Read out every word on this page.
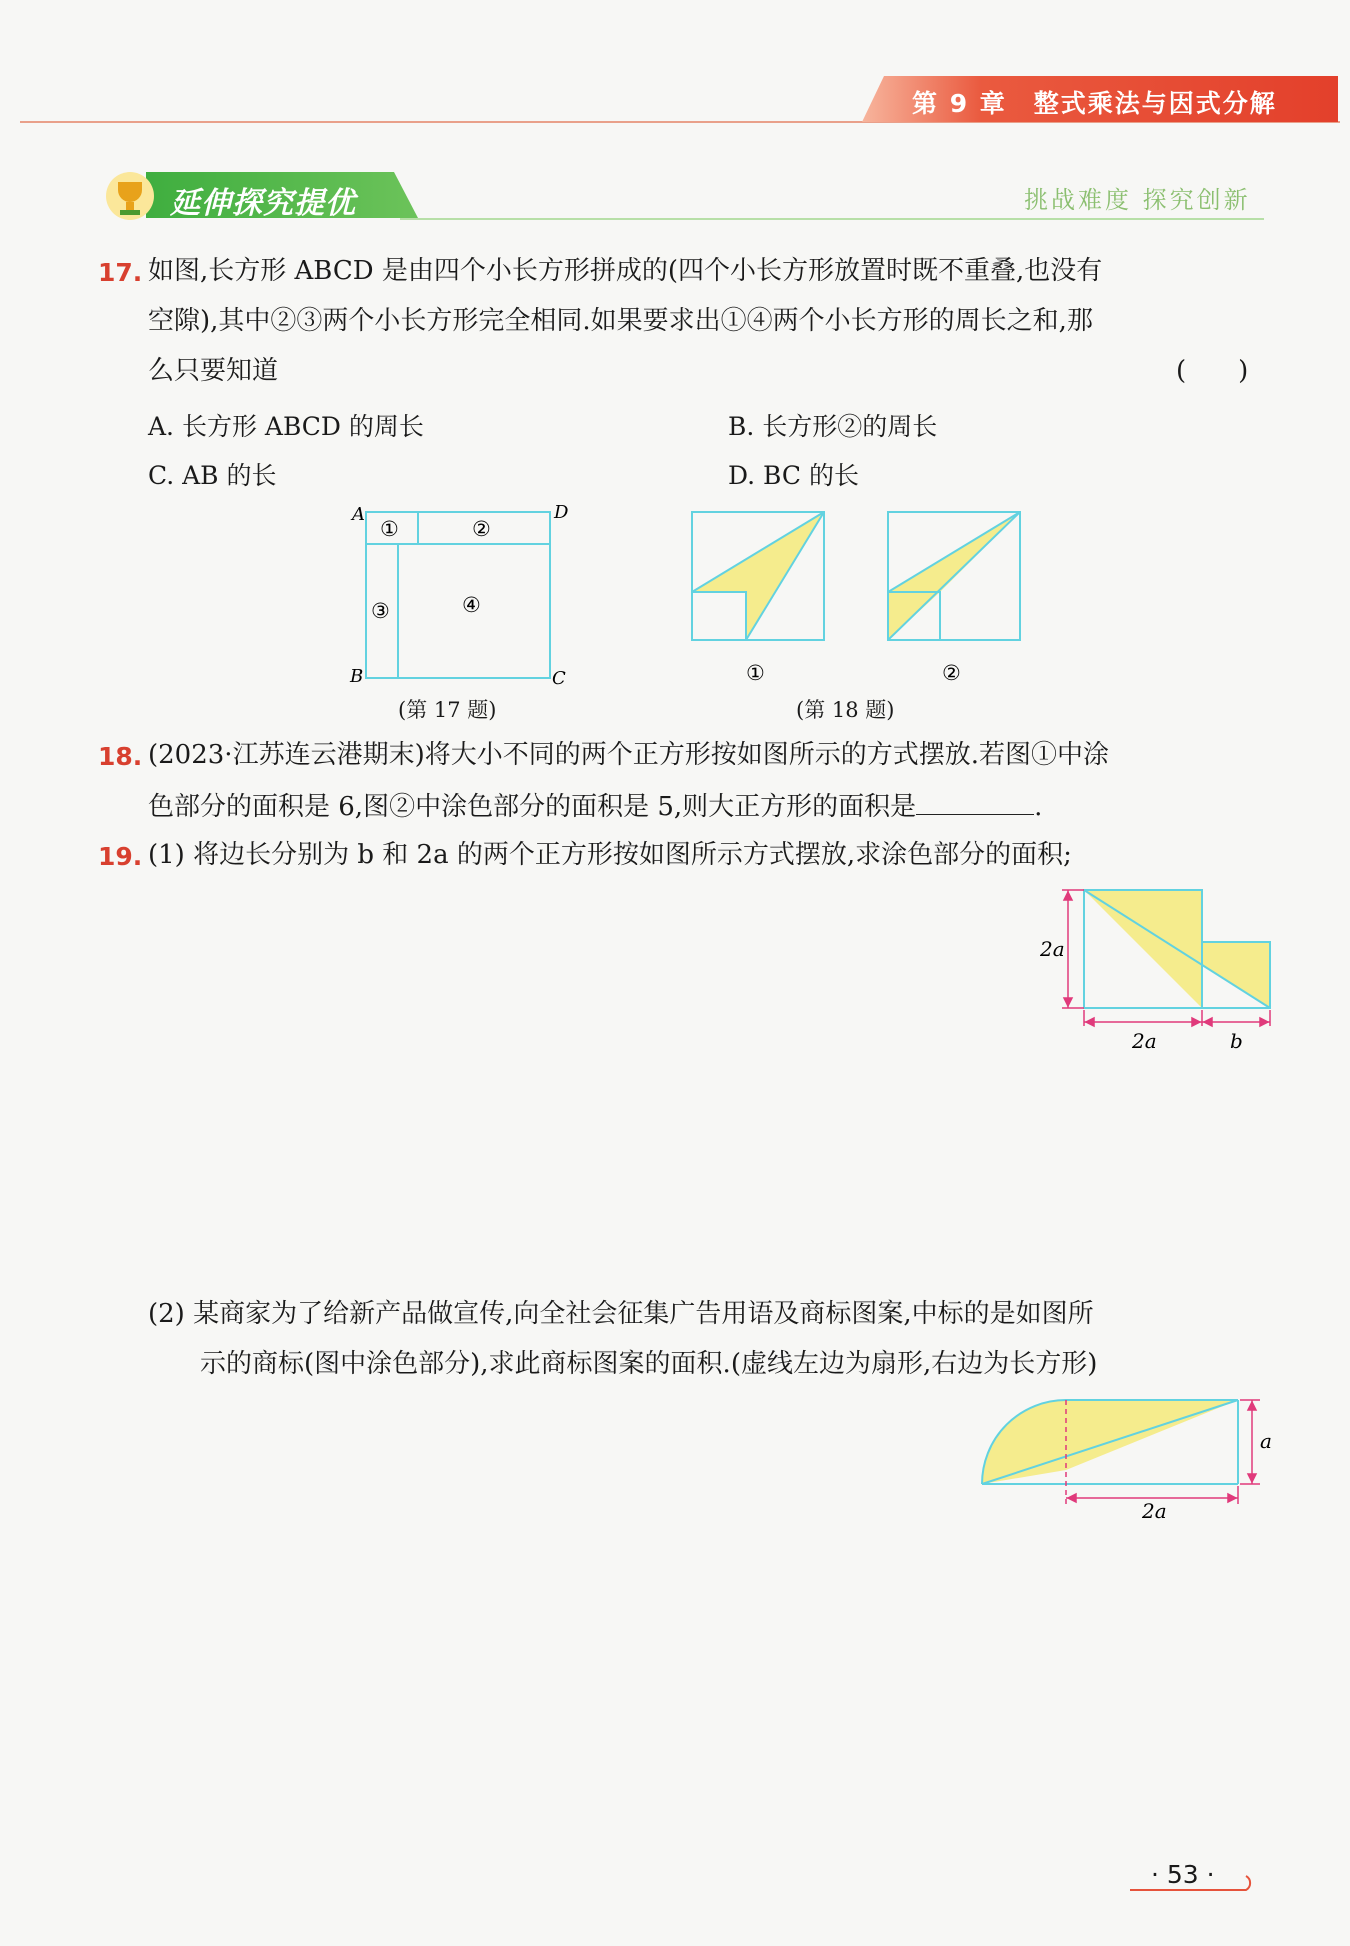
第 9 章　整式乘法与因式分解
延伸探究提优	挑战难度 探究创新
17. 如图,长方形 ABCD 是由四个小长方形拼成的(四个小长方形放置时既不重叠,也没有
空隙),其中②③两个小长方形完全相同.如果要求出①④两个小长方形的周长之和,那
么只要知道	(　　)
A. 长方形 ABCD 的周长	B. 长方形②的周长
C. AB 的长	D. BC 的长
A	D
B	C
①	②
③	④
(第 17 题)
①	②
(第 18 题)
18. (2023·江苏连云港期末)将大小不同的两个正方形按如图所示的方式摆放.若图①中涂
色部分的面积是 6,图②中涂色部分的面积是 5,则大正方形的面积是	.
19. (1) 将边长分别为 b 和 2a 的两个正方形按如图所示方式摆放,求涂色部分的面积;
2a
2a	b
(2) 某商家为了给新产品做宣传,向全社会征集广告用语及商标图案,中标的是如图所
示的商标(图中涂色部分),求此商标图案的面积.(虚线左边为扇形,右边为长方形)
a
2a
· 53 ·
